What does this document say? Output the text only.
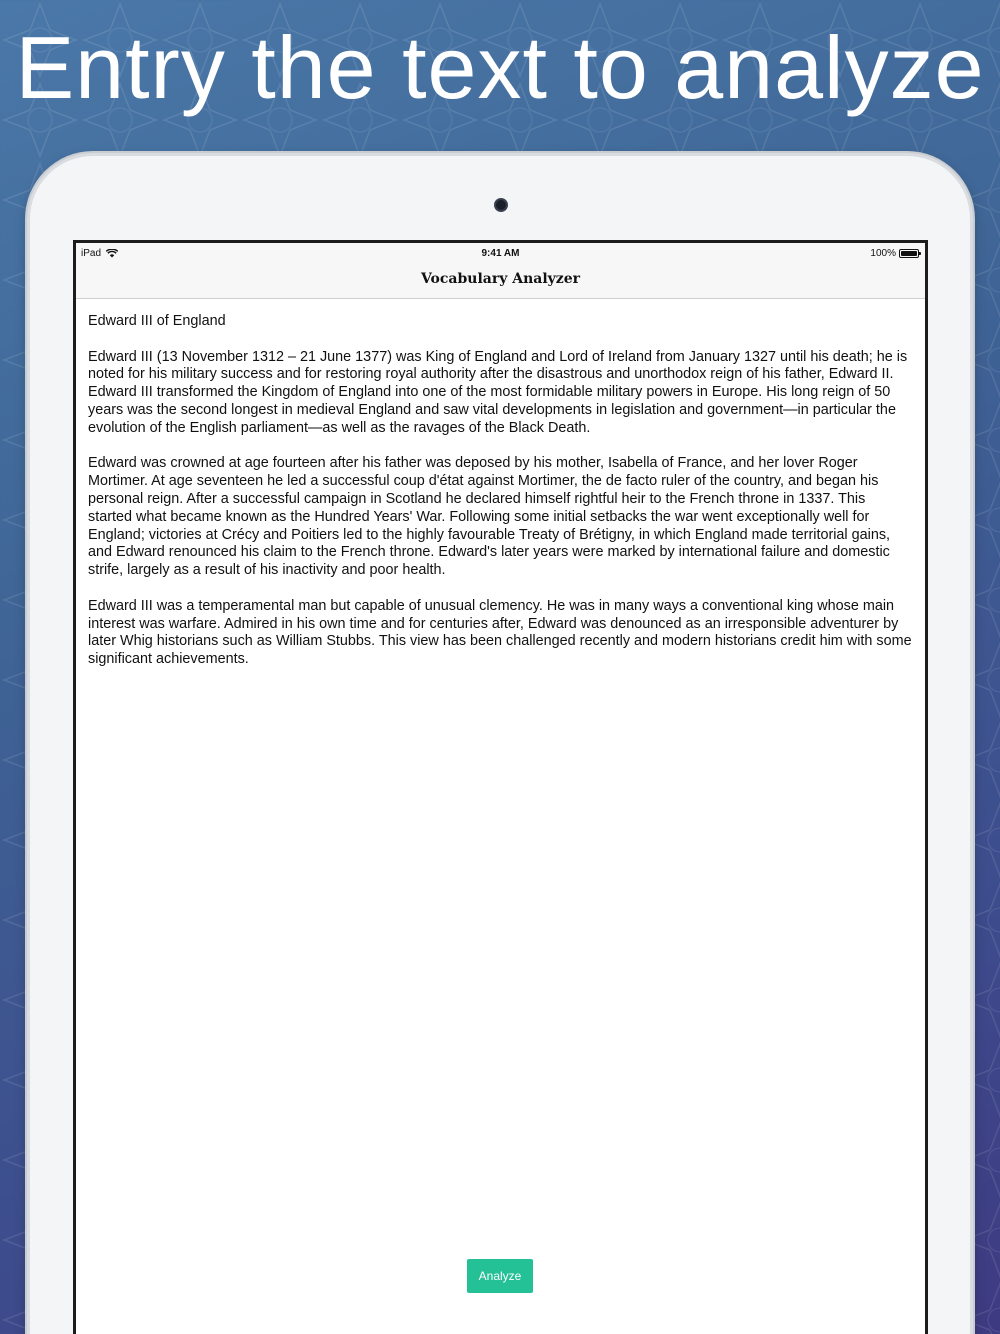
Entry the text to analyze
iPad	9:41 AM	100%
Vocabulary Analyzer

Edward III of England

Edward III (13 November 1312 – 21 June 1377) was King of England and Lord of Ireland from January 1327 until his death; he is noted for his military success and for restoring royal authority after the disastrous and unorthodox reign of his father, Edward II. Edward III transformed the Kingdom of England into one of the most formidable military powers in Europe. His long reign of 50 years was the second longest in medieval England and saw vital developments in legislation and government—in particular the evolution of the English parliament—as well as the ravages of the Black Death.

Edward was crowned at age fourteen after his father was deposed by his mother, Isabella of France, and her lover Roger Mortimer. At age seventeen he led a successful coup d'état against Mortimer, the de facto ruler of the country, and began his personal reign. After a successful campaign in Scotland he declared himself rightful heir to the French throne in 1337. This started what became known as the Hundred Years' War. Following some initial setbacks the war went exceptionally well for England; victories at Crécy and Poitiers led to the highly favourable Treaty of Brétigny, in which England made territorial gains, and Edward renounced his claim to the French throne. Edward's later years were marked by international failure and domestic strife, largely as a result of his inactivity and poor health.

Edward III was a temperamental man but capable of unusual clemency. He was in many ways a conventional king whose main interest was warfare. Admired in his own time and for centuries after, Edward was denounced as an irresponsible adventurer by later Whig historians such as William Stubbs. This view has been challenged recently and modern historians credit him with some significant achievements.

Analyze
